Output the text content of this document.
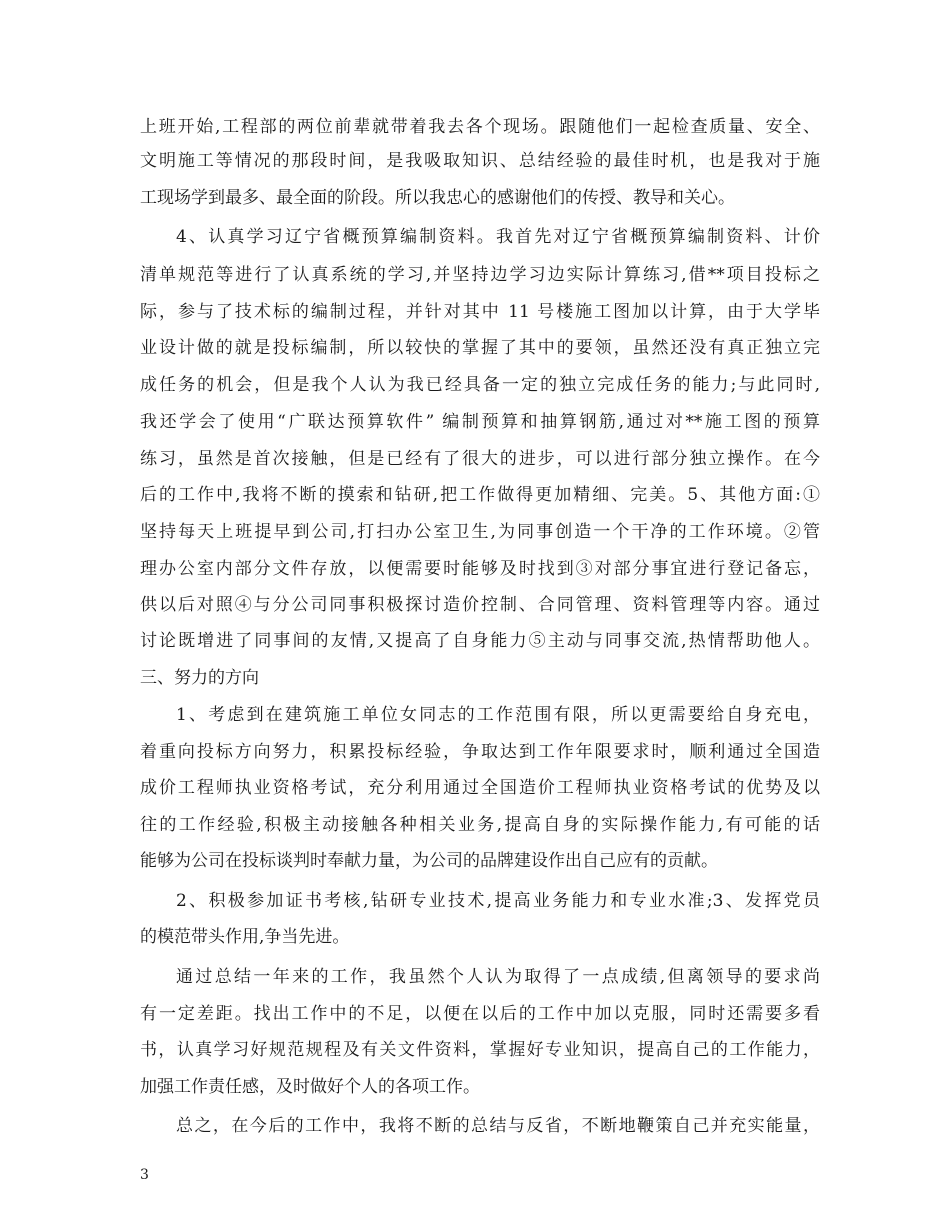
上班开始,工程部的两位前辈就带着我去各个现场。跟随他们一起检查质量、安全、
文明施工等情况的那段时间，是我吸取知识、总结经验的最佳时机，也是我对于施
工现场学到最多、最全面的阶段。所以我忠心的感谢他们的传授、教导和关心。
4、认真学习辽宁省概预算编制资料。我首先对辽宁省概预算编制资料、计价
清单规范等进行了认真系统的学习,并坚持边学习边实际计算练习,借**项目投标之
际，参与了技术标的编制过程，并针对其中 11 号楼施工图加以计算，由于大学毕
业设计做的就是投标编制，所以较快的掌握了其中的要领，虽然还没有真正独立完
成任务的机会，但是我个人认为我已经具备一定的独立完成任务的能力;与此同时,
我还学会了使用“广联达预算软件” 编制预算和抽算钢筋,通过对**施工图的预算
练习，虽然是首次接触，但是已经有了很大的进步，可以进行部分独立操作。在今
后的工作中,我将不断的摸索和钻研,把工作做得更加精细、完美。5、其他方面:①
坚持每天上班提早到公司,打扫办公室卫生,为同事创造一个干净的工作环境。②管
理办公室内部分文件存放，以便需要时能够及时找到③对部分事宜进行登记备忘，
供以后对照④与分公司同事积极探讨造价控制、合同管理、资料管理等内容。通过
讨论既增进了同事间的友情,又提高了自身能力⑤主动与同事交流,热情帮助他人。
三、努力的方向
1、考虑到在建筑施工单位女同志的工作范围有限，所以更需要给自身充电，
着重向投标方向努力，积累投标经验，争取达到工作年限要求时，顺利通过全国造
成价工程师执业资格考试，充分利用通过全国造价工程师执业资格考试的优势及以
往的工作经验,积极主动接触各种相关业务,提高自身的实际操作能力,有可能的话
能够为公司在投标谈判时奉献力量，为公司的品牌建设作出自己应有的贡献。
2、积极参加证书考核,钻研专业技术,提高业务能力和专业水准;3、发挥党员
的模范带头作用,争当先进。
通过总结一年来的工作，我虽然个人认为取得了一点成绩,但离领导的要求尚
有一定差距。找出工作中的不足，以便在以后的工作中加以克服，同时还需要多看
书，认真学习好规范规程及有关文件资料，掌握好专业知识，提高自己的工作能力，
加强工作责任感，及时做好个人的各项工作。
总之，在今后的工作中，我将不断的总结与反省，不断地鞭策自己并充实能量，
3
